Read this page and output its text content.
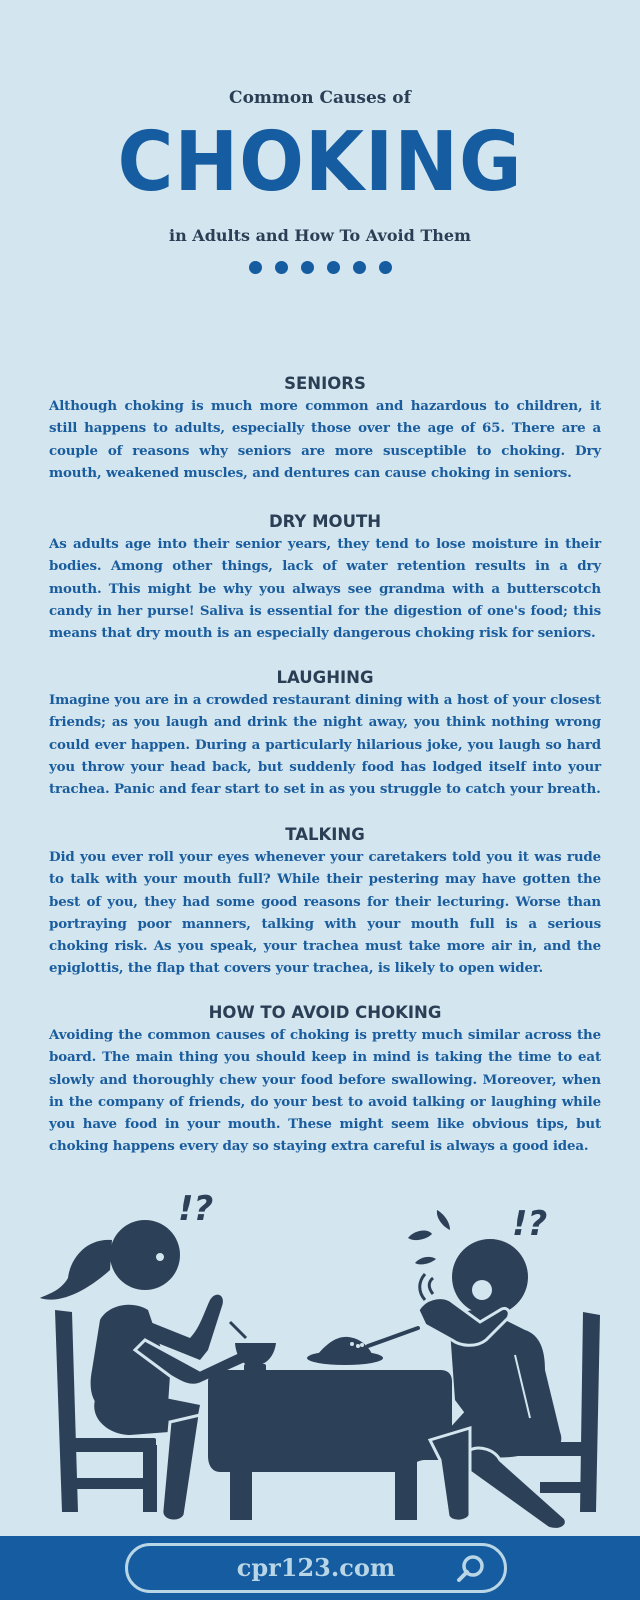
Common Causes of
CHOKING
in Adults and How To Avoid Them
SENIORS

Although choking is much more common and hazardous to children, it still happens to adults, especially those over the age of 65. There are a couple of reasons why seniors are more susceptible to choking. Dry mouth, weakened muscles, and dentures can cause choking in seniors.

DRY MOUTH

As adults age into their senior years, they tend to lose moisture in their bodies. Among other things, lack of water retention results in a dry mouth. This might be why you always see grandma with a butterscotch candy in her purse! Saliva is essential for the digestion of one's food; this means that dry mouth is an especially dangerous choking risk for seniors.

LAUGHING

Imagine you are in a crowded restaurant dining with a host of your closest friends; as you laugh and drink the night away, you think nothing wrong could ever happen. During a particularly hilarious joke, you laugh so hard you throw your head back, but suddenly food has lodged itself into your trachea. Panic and fear start to set in as you struggle to catch your breath.

TALKING

Did you ever roll your eyes whenever your caretakers told you it was rude to talk with your mouth full? While their pestering may have gotten the best of you, they had some good reasons for their lecturing. Worse than portraying poor manners, talking with your mouth full is a serious choking risk. As you speak, your trachea must take more air in, and the epiglottis, the flap that covers your trachea, is likely to open wider.

HOW TO AVOID CHOKING

Avoiding the common causes of choking is pretty much similar across the board. The main thing you should keep in mind is taking the time to eat slowly and thoroughly chew your food before swallowing. Moreover, when in the company of friends, do your best to avoid talking or laughing while you have food in your mouth. These might seem like obvious tips, but choking happens every day so staying extra careful is always a good idea.

!?	!?
cpr123.com
